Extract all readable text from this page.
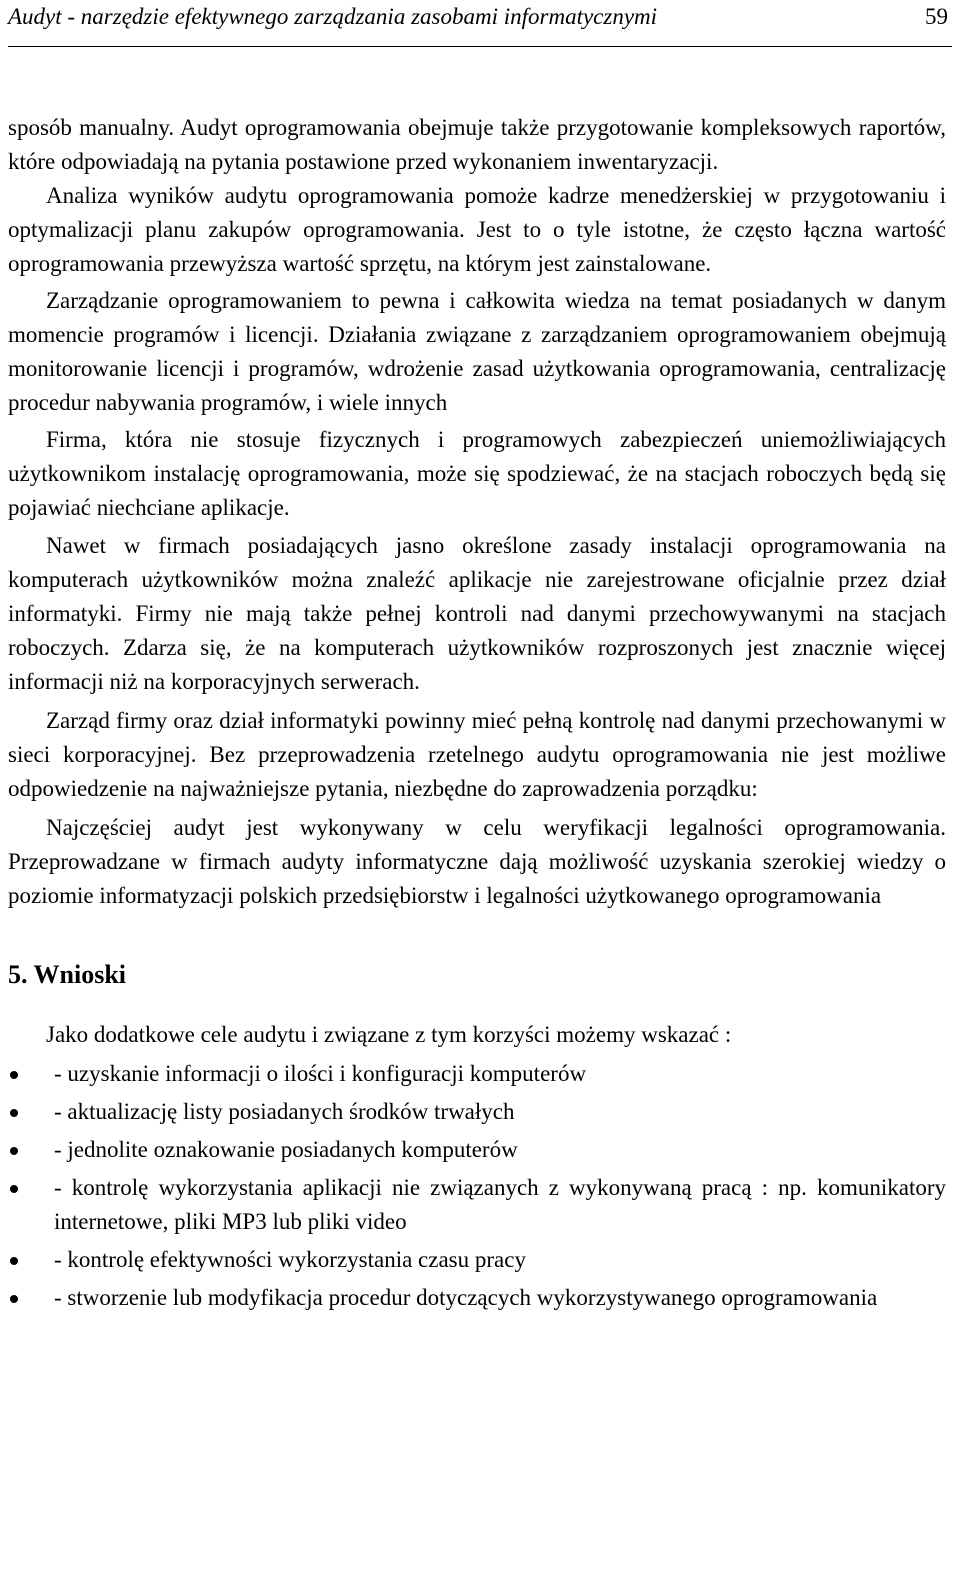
Audyt - narzędzie efektywnego zarządzania zasobami informatycznymi	59

sposób manualny. Audyt oprogramowania obejmuje także przygotowanie kompleksowych raportów, które odpowiadają na pytania postawione przed wykonaniem inwentaryzacji.

Analiza wyników audytu oprogramowania pomoże kadrze menedżerskiej w przygotowaniu i optymalizacji planu zakupów oprogramowania. Jest to o tyle istotne, że często łączna wartość oprogramowania przewyższa wartość sprzętu, na którym jest zainstalowane.

Zarządzanie oprogramowaniem to pewna i całkowita wiedza na temat posiadanych w danym momencie programów i licencji. Działania związane z zarządzaniem oprogramowaniem obejmują monitorowanie licencji i programów, wdrożenie zasad użytkowania oprogramowania, centralizację procedur nabywania programów, i wiele innych

Firma, która nie stosuje fizycznych i programowych zabezpieczeń uniemożliwiających użytkownikom instalację oprogramowania, może się spodziewać, że na stacjach roboczych będą się pojawiać niechciane aplikacje.

Nawet w firmach posiadających jasno określone zasady instalacji oprogramowania na komputerach użytkowników można znaleźć aplikacje nie zarejestrowane oficjalnie przez dział informatyki. Firmy nie mają także pełnej kontroli nad danymi przechowywanymi na stacjach roboczych. Zdarza się, że na komputerach użytkowników rozproszonych jest znacznie więcej informacji niż na korporacyjnych serwerach.

Zarząd firmy oraz dział informatyki powinny mieć pełną kontrolę nad danymi przechowanymi w sieci korporacyjnej. Bez przeprowadzenia rzetelnego audytu oprogramowania nie jest możliwe odpowiedzenie na najważniejsze pytania, niezbędne do zaprowadzenia porządku:

Najczęściej audyt jest wykonywany w celu weryfikacji legalności oprogramowania. Przeprowadzane w firmach audyty informatyczne dają możliwość uzyskania szerokiej wiedzy o poziomie informatyzacji polskich przedsiębiorstw i legalności użytkowanego oprogramowania

5. Wnioski

Jako dodatkowe cele audytu i związane z tym korzyści możemy wskazać :

- uzyskanie informacji o ilości i konfiguracji komputerów
- aktualizację listy posiadanych środków trwałych
- jednolite oznakowanie posiadanych komputerów
- kontrolę wykorzystania aplikacji nie związanych z wykonywaną pracą : np. komunikatory internetowe, pliki MP3 lub pliki video
- kontrolę efektywności wykorzystania czasu pracy
- stworzenie lub modyfikacja procedur dotyczących wykorzystywanego oprogramowania
